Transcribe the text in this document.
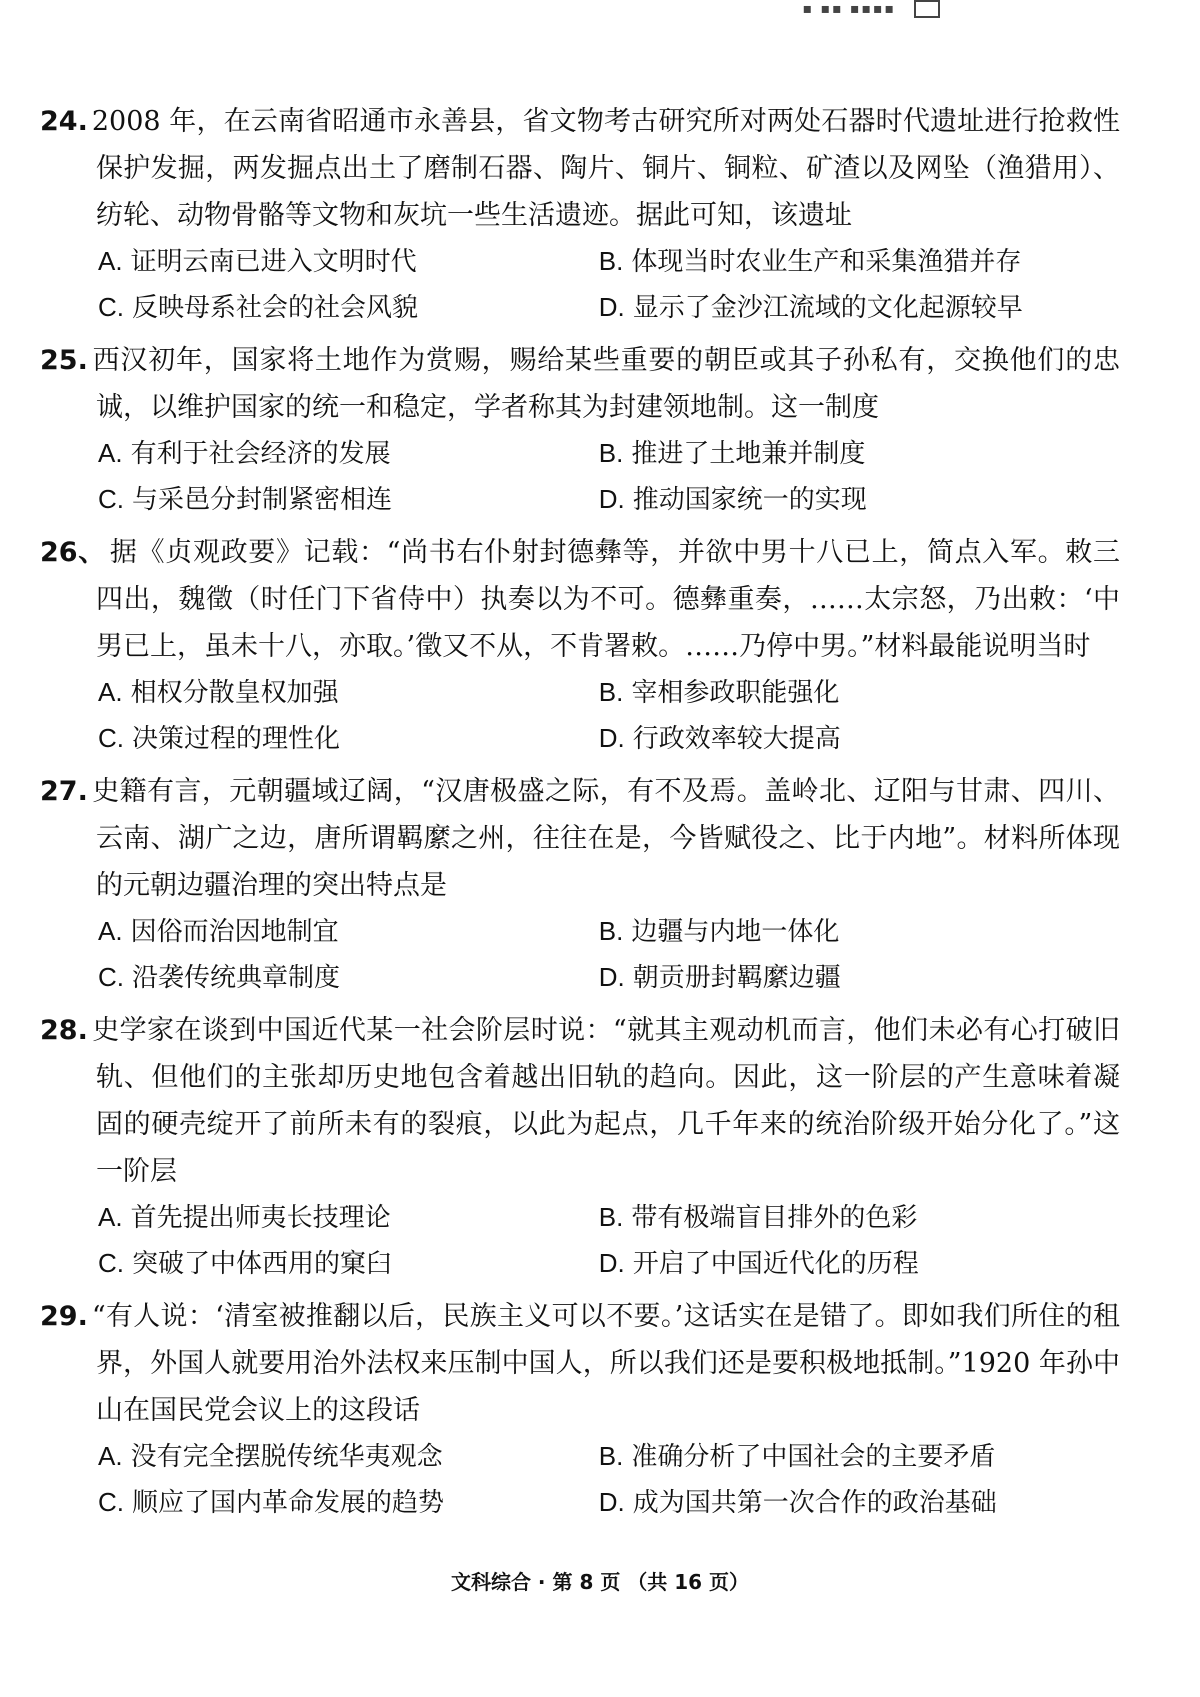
▪ ▪▪ ▪▪▪▪
24. 2008 年，在云南省昭通市永善县，省文物考古研究所对两处石器时代遗址进行抢救性保护发掘，两发掘点出土了磨制石器、陶片、铜片、铜粒、矿渣以及网坠（渔猎用）、纺轮、动物骨骼等文物和灰坑一些生活遗迹。据此可知，该遗址
A. 证明云南已进入文明时代	B. 体现当时农业生产和采集渔猎并存
C. 反映母系社会的社会风貌	D. 显示了金沙江流域的文化起源较早
25. 西汉初年，国家将土地作为赏赐，赐给某些重要的朝臣或其子孙私有，交换他们的忠诚，以维护国家的统一和稳定，学者称其为封建领地制。这一制度
A. 有利于社会经济的发展	B. 推进了土地兼并制度
C. 与采邑分封制紧密相连	D. 推动国家统一的实现
26、 据《贞观政要》记载：“尚书右仆射封德彝等，并欲中男十八已上，简点入军。敕三四出，魏徵（时任门下省侍中）执奏以为不可。德彝重奏，……太宗怒，乃出敕：‘中男已上，虽未十八，亦取。’徵又不从，不肯署敕。……乃停中男。”材料最能说明当时
A. 相权分散皇权加强	B. 宰相参政职能强化
C. 决策过程的理性化	D. 行政效率较大提高
27. 史籍有言，元朝疆域辽阔，“汉唐极盛之际，有不及焉。盖岭北、辽阳与甘肃、四川、云南、湖广之边，唐所谓羁縻之州，往往在是，今皆赋役之、比于内地”。材料所体现的元朝边疆治理的突出特点是
A. 因俗而治因地制宜	B. 边疆与内地一体化
C. 沿袭传统典章制度	D. 朝贡册封羁縻边疆
28. 史学家在谈到中国近代某一社会阶层时说：“就其主观动机而言，他们未必有心打破旧轨、但他们的主张却历史地包含着越出旧轨的趋向。因此，这一阶层的产生意味着凝固的硬壳绽开了前所未有的裂痕，以此为起点，几千年来的统治阶级开始分化了。”这一阶层
A. 首先提出师夷长技理论	B. 带有极端盲目排外的色彩
C. 突破了中体西用的窠臼	D. 开启了中国近代化的历程
29. “有人说：‘清室被推翻以后，民族主义可以不要。’这话实在是错了。即如我们所住的租界，外国人就要用治外法权来压制中国人，所以我们还是要积极地抵制。”1920 年孙中山在国民党会议上的这段话
A. 没有完全摆脱传统华夷观念	B. 准确分析了中国社会的主要矛盾
C. 顺应了国内革命发展的趋势	D. 成为国共第一次合作的政治基础
文科综合 · 第 8 页 （共 16 页）
